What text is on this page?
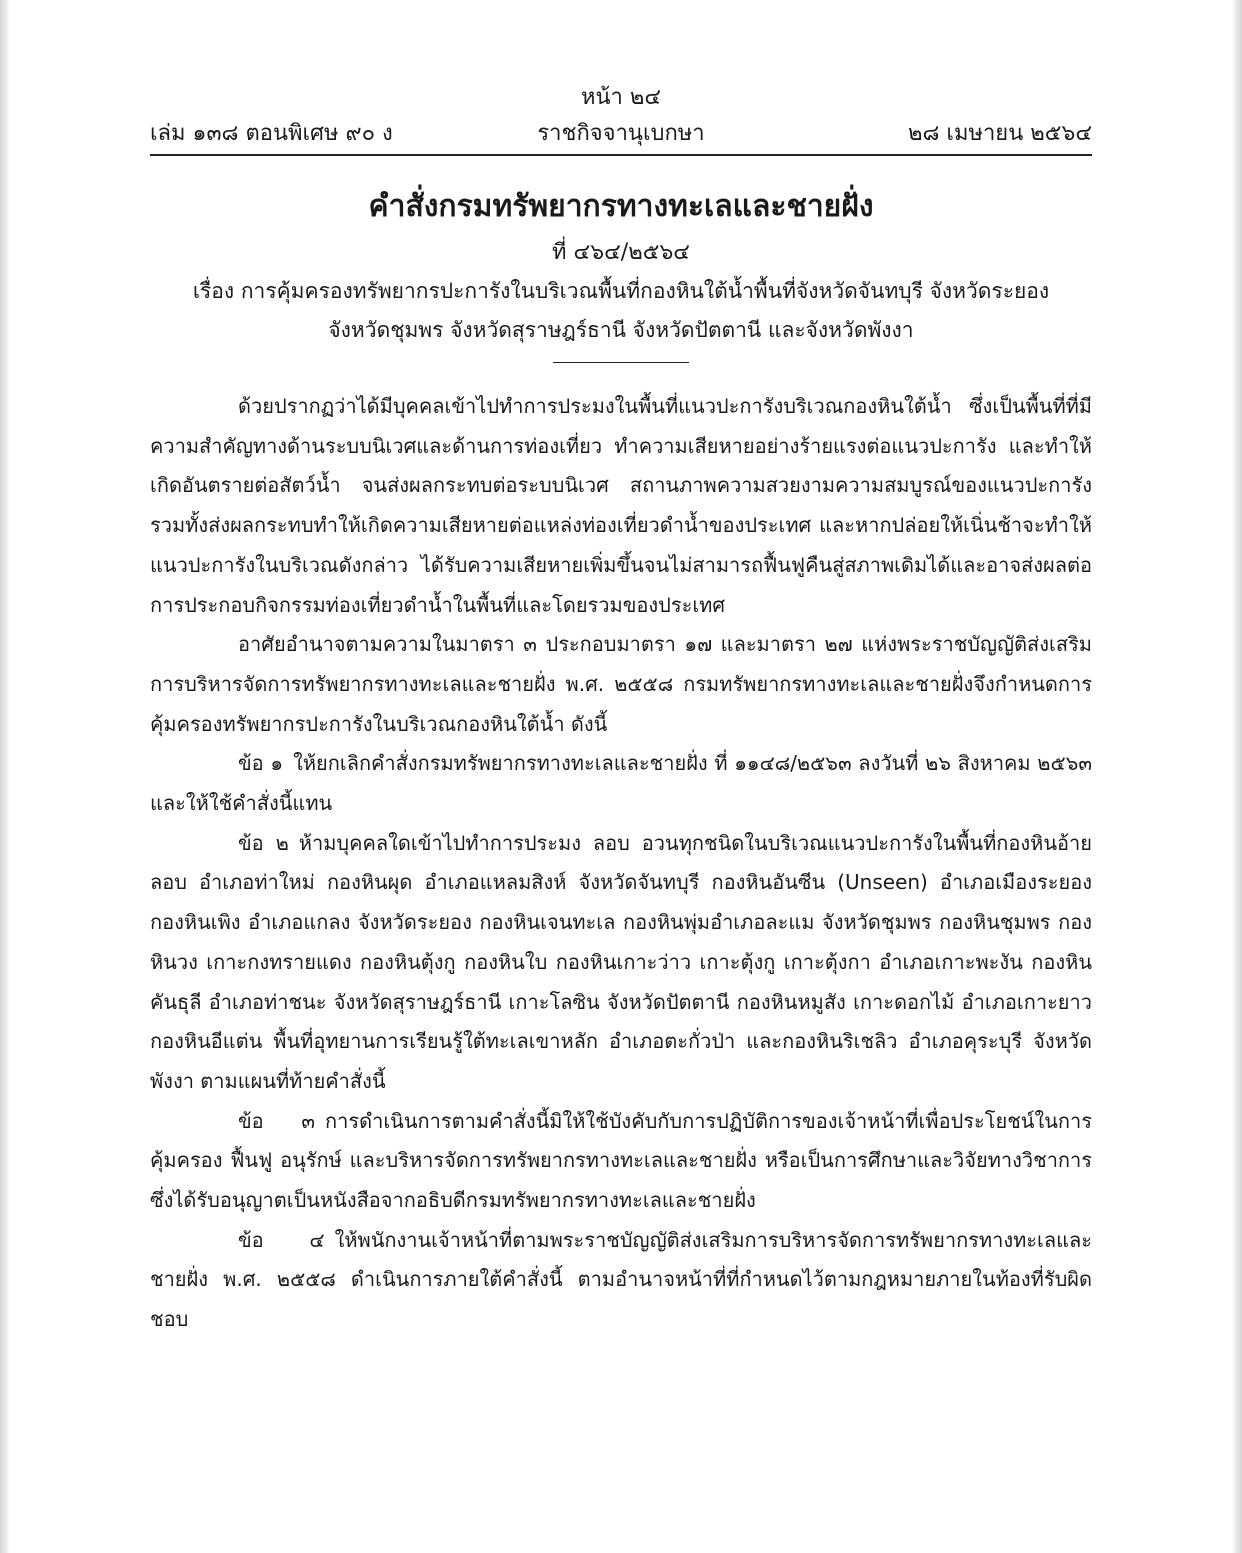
หน้า ๒๔
เล่ม ๑๓๘ ตอนพิเศษ ๙๐ ง	ราชกิจจานุเบกษา	๒๘ เมษายน ๒๕๖๔
คำสั่งกรมทรัพยากรทางทะเลและชายฝั่ง
ที่ ๔๖๔/๒๕๖๔
เรื่อง การคุ้มครองทรัพยากรปะการังในบริเวณพื้นที่กองหินใต้น้ำพื้นที่จังหวัดจันทบุรี จังหวัดระยอง
จังหวัดชุมพร จังหวัดสุราษฎร์ธานี จังหวัดปัตตานี และจังหวัดพังงา

ด้วยปรากฏว่าได้มีบุคคลเข้าไปทำการประมงในพื้นที่แนวปะการังบริเวณกองหินใต้น้ำ ซึ่งเป็นพื้นที่ที่มีความสำคัญทางด้านระบบนิเวศและด้านการท่องเที่ยว ทำความเสียหายอย่างร้ายแรงต่อแนวปะการัง และทำให้เกิดอันตรายต่อสัตว์น้ำ จนส่งผลกระทบต่อระบบนิเวศ สถานภาพความสวยงามความสมบูรณ์ของแนวปะการัง รวมทั้งส่งผลกระทบทำให้เกิดความเสียหายต่อแหล่งท่องเที่ยวดำน้ำของประเทศ และหากปล่อยให้เนิ่นช้าจะทำให้แนวปะการังในบริเวณดังกล่าว ได้รับความเสียหายเพิ่มขึ้นจนไม่สามารถฟื้นฟูคืนสู่สภาพเดิมได้และอาจส่งผลต่อการประกอบกิจกรรมท่องเที่ยวดำน้ำในพื้นที่และโดยรวมของประเทศ

อาศัยอำนาจตามความในมาตรา ๓ ประกอบมาตรา ๑๗ และมาตรา ๒๗ แห่งพระราชบัญญัติส่งเสริมการบริหารจัดการทรัพยากรทางทะเลและชายฝั่ง พ.ศ. ๒๕๕๘ กรมทรัพยากรทางทะเลและชายฝั่งจึงกำหนดการคุ้มครองทรัพยากรปะการังในบริเวณกองหินใต้น้ำ ดังนี้

ข้อ ๑ ให้ยกเลิกคำสั่งกรมทรัพยากรทางทะเลและชายฝั่ง ที่ ๑๑๔๘/๒๕๖๓ ลงวันที่ ๒๖ สิงหาคม ๒๕๖๓ และให้ใช้คำสั่งนี้แทน

ข้อ ๒ ห้ามบุคคลใดเข้าไปทำการประมง ลอบ อวนทุกชนิดในบริเวณแนวปะการังในพื้นที่กองหินอ้ายลอบ อำเภอท่าใหม่ กองหินผุด อำเภอแหลมสิงห์ จังหวัดจันทบุรี กองหินอันซีน (Unseen) อำเภอเมืองระยอง กองหินเพิง อำเภอแกลง จังหวัดระยอง กองหินเจนทะเล กองหินพุ่มอำเภอละแม จังหวัดชุมพร กองหินชุมพร กองหินวง เกาะกงทรายแดง กองหินตุ้งกู กองหินใบ กองหินเกาะว่าว เกาะตุ้งกู เกาะตุ้งกา อำเภอเกาะพะงัน กองหินคันธุลี อำเภอท่าชนะ จังหวัดสุราษฎร์ธานี เกาะโลซิน จังหวัดปัตตานี กองหินหมูสัง เกาะดอกไม้ อำเภอเกาะยาว กองหินอีแต่น พื้นที่อุทยานการเรียนรู้ใต้ทะเลเขาหลัก อำเภอตะกั่วป่า และกองหินริเชลิว อำเภอคุระบุรี จังหวัดพังงา ตามแผนที่ท้ายคำสั่งนี้

ข้อ ๓ การดำเนินการตามคำสั่งนี้มิให้ใช้บังคับกับการปฏิบัติการของเจ้าหน้าที่เพื่อประโยชน์ในการคุ้มครอง ฟื้นฟู อนุรักษ์ และบริหารจัดการทรัพยากรทางทะเลและชายฝั่ง หรือเป็นการศึกษาและวิจัยทางวิชาการ ซึ่งได้รับอนุญาตเป็นหนังสือจากอธิบดีกรมทรัพยากรทางทะเลและชายฝั่ง

ข้อ ๔ ให้พนักงานเจ้าหน้าที่ตามพระราชบัญญัติส่งเสริมการบริหารจัดการทรัพยากรทางทะเลและชายฝั่ง พ.ศ. ๒๕๕๘ ดำเนินการภายใต้คำสั่งนี้ ตามอำนาจหน้าที่ที่กำหนดไว้ตามกฎหมายภายในท้องที่รับผิดชอบ
